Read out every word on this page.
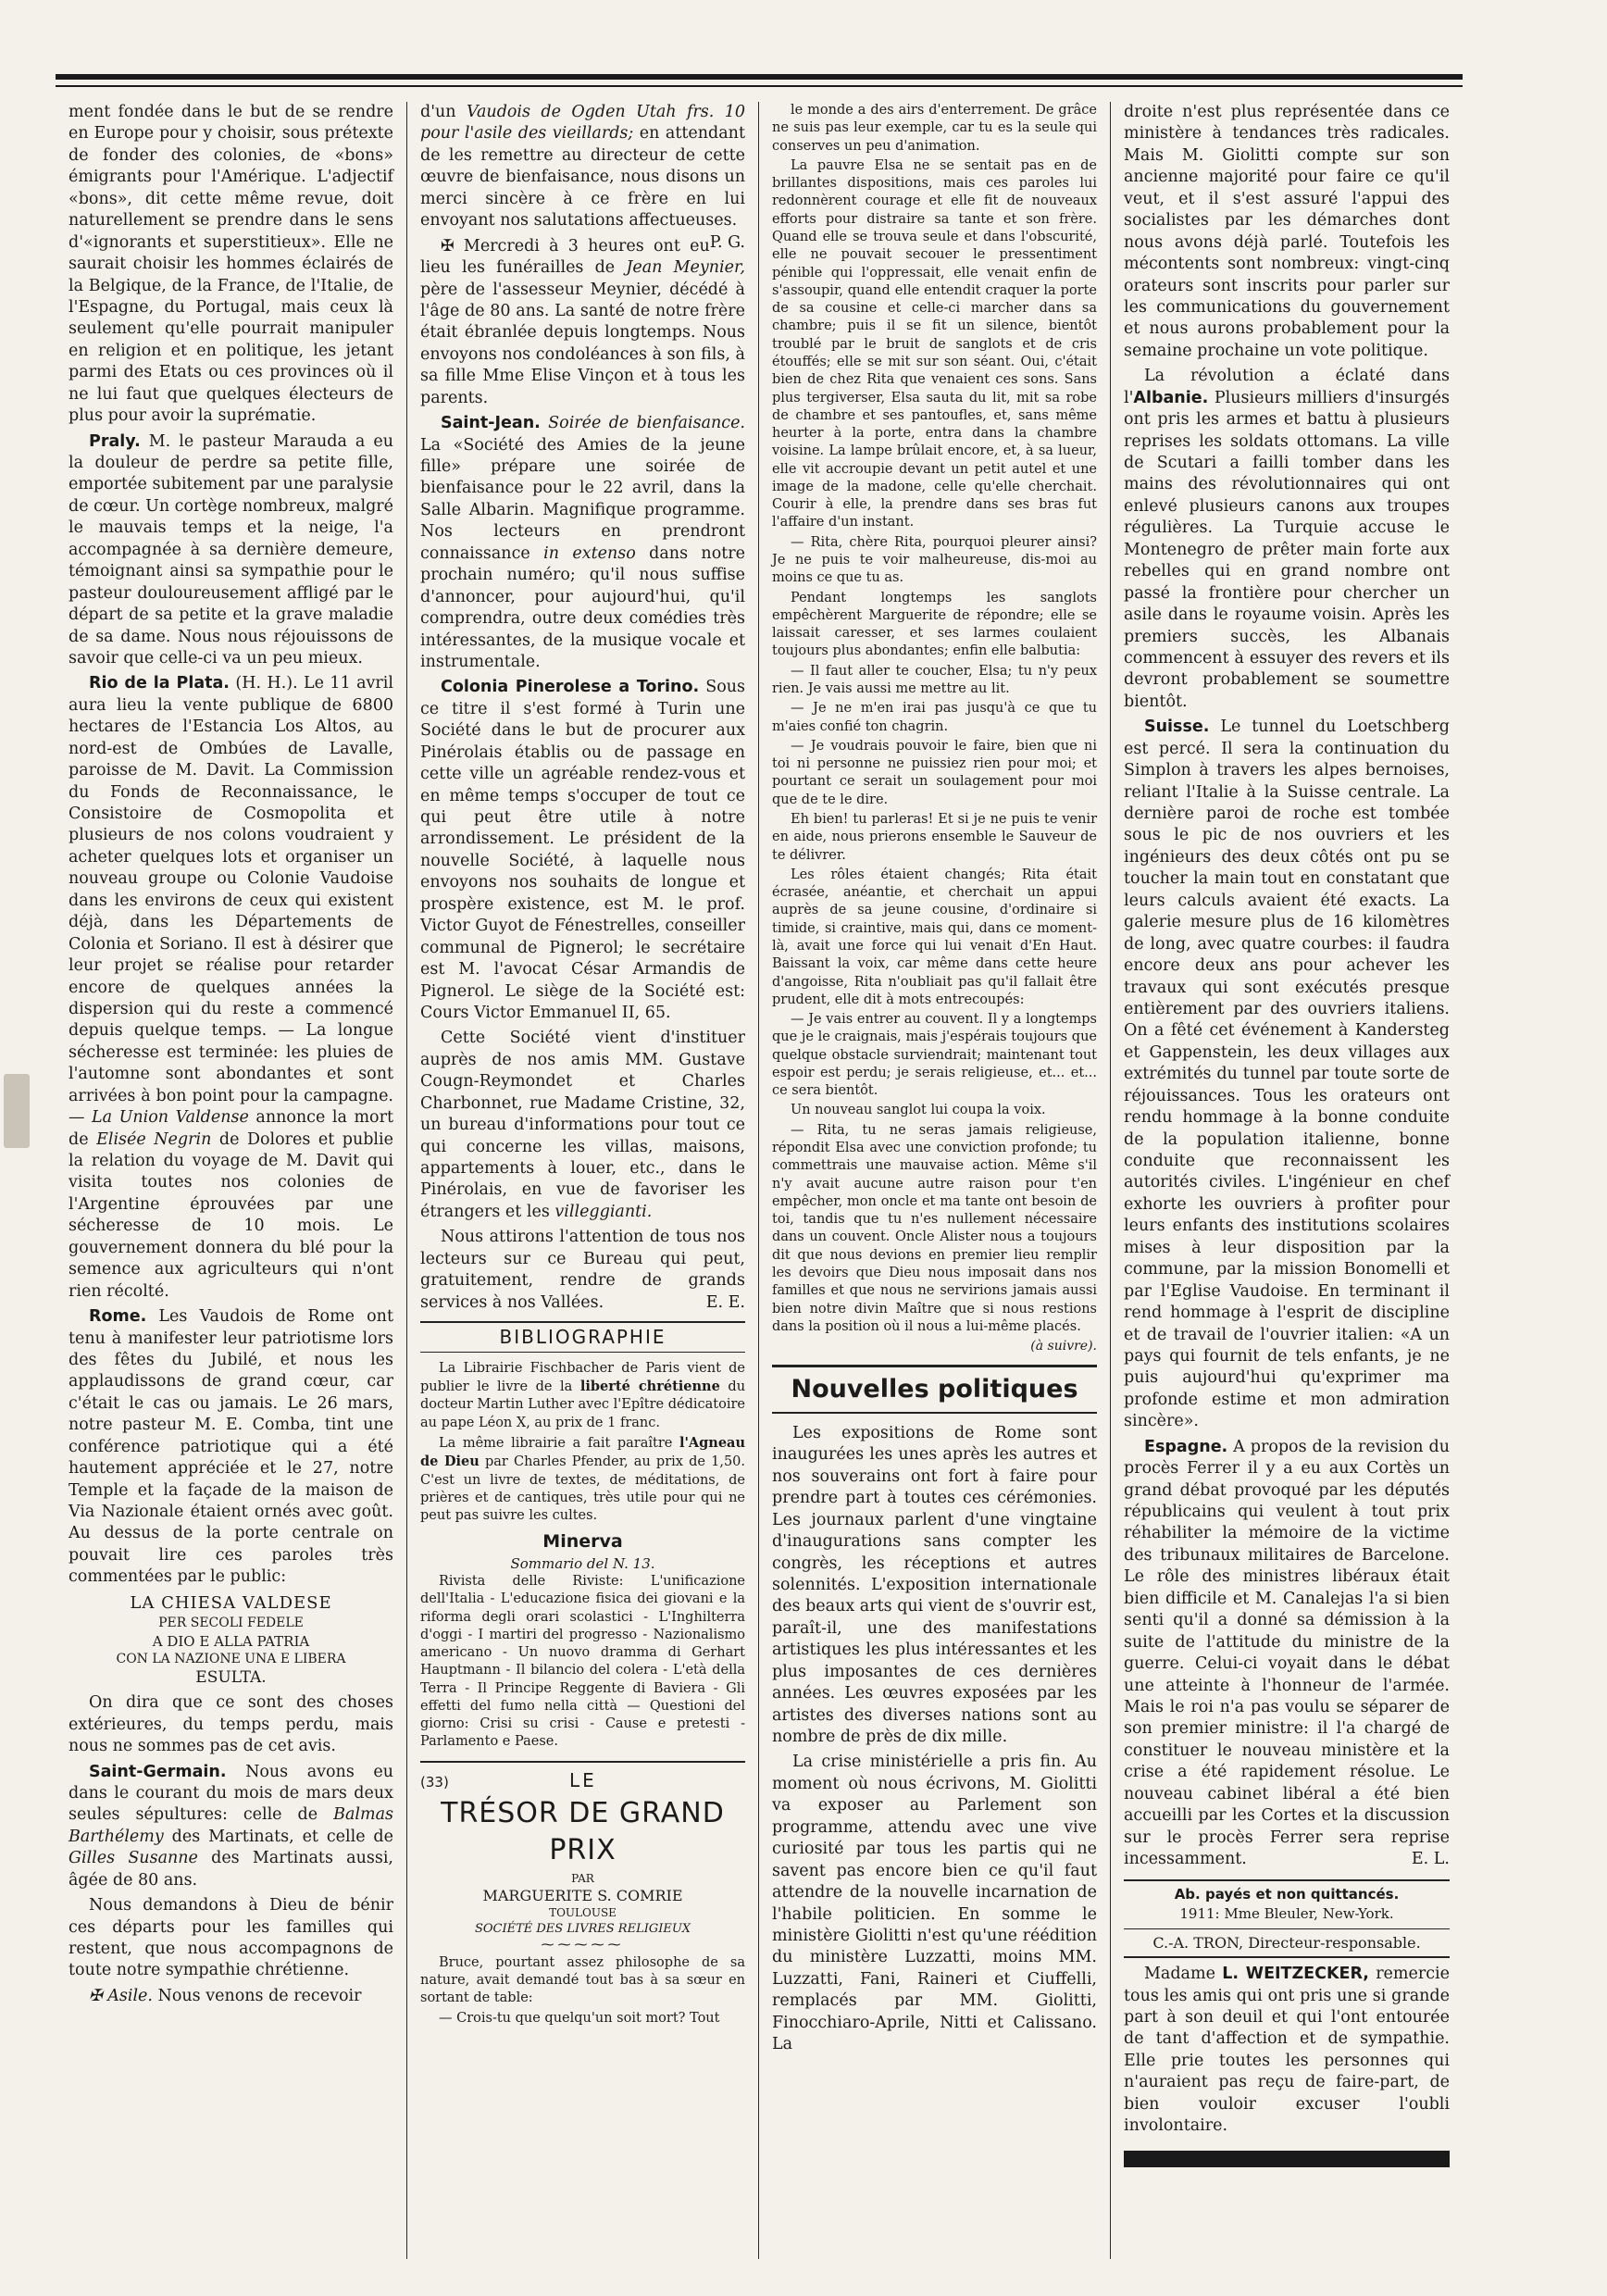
ment fondée dans le but de se rendre en Europe pour y choisir, sous prétexte de fonder des colonies, de «bons» émigrants pour l'Amérique. L'adjectif «bons», dit cette même revue, doit naturellement se prendre dans le sens d'«ignorants et superstitieux». Elle ne saurait choisir les hommes éclairés de la Belgique, de la France, de l'Italie, de l'Espagne, du Portugal, mais ceux là seulement qu'elle pourrait manipuler en religion et en politique, les jetant parmi des Etats ou ces provinces où il ne lui faut que quelques électeurs de plus pour avoir la suprématie.

Praly. M. le pasteur Marauda a eu la douleur de perdre sa petite fille, emportée subitement par une paralysie de cœur. Un cortège nombreux, malgré le mauvais temps et la neige, l'a accompagnée à sa dernière demeure, témoignant ainsi sa sympathie pour le pasteur douloureusement affligé par le départ de sa petite et la grave maladie de sa dame. Nous nous réjouissons de savoir que celle-ci va un peu mieux.

Rio de la Plata. (H. H.). Le 11 avril aura lieu la vente publique de 6800 hectares de l'Estancia Los Altos, au nord-est de Ombúes de Lavalle, paroisse de M. Davit. La Commission du Fonds de Reconnaissance, le Consistoire de Cosmopolita et plusieurs de nos colons voudraient y acheter quelques lots et organiser un nouveau groupe ou Colonie Vaudoise dans les environs de ceux qui existent déjà, dans les Départements de Colonia et Soriano. Il est à désirer que leur projet se réalise pour retarder encore de quelques années la dispersion qui du reste a commencé depuis quelque temps. — La longue sécheresse est terminée: les pluies de l'automne sont abondantes et sont arrivées à bon point pour la campagne. — La Union Valdense annonce la mort de Elisée Negrin de Dolores et publie la relation du voyage de M. Davit qui visita toutes nos colonies de l'Argentine éprouvées par une sécheresse de 10 mois. Le gouvernement donnera du blé pour la semence aux agriculteurs qui n'ont rien récolté.

Rome. Les Vaudois de Rome ont tenu à manifester leur patriotisme lors des fêtes du Jubilé, et nous les applaudissons de grand cœur, car c'était le cas ou jamais. Le 26 mars, notre pasteur M. E. Comba, tint une conférence patriotique qui a été hautement appréciée et le 27, notre Temple et la façade de la maison de Via Nazionale étaient ornés avec goût. Au dessus de la porte centrale on pouvait lire ces paroles très commentées par le public:

LA CHIESA VALDESE
PER SECOLI FEDELE
A DIO E ALLA PATRIA
CON LA NAZIONE UNA E LIBERA
ESULTA.

On dira que ce sont des choses extérieures, du temps perdu, mais nous ne sommes pas de cet avis.

Saint-Germain. Nous avons eu dans le courant du mois de mars deux seules sépultures: celle de Balmas Barthélemy des Martinats, et celle de Gilles Susanne des Martinats aussi, âgée de 80 ans.

Nous demandons à Dieu de bénir ces départs pour les familles qui restent, que nous accompagnons de toute notre sympathie chrétienne.

✠ Asile. Nous venons de recevoir

d'un Vaudois de Ogden Utah frs. 10 pour l'asile des vieillards; en attendant de les remettre au directeur de cette œuvre de bienfaisance, nous disons un merci sincère à ce frère en lui envoyant nos salutations affectueuses.
P. G.

✠ Mercredi à 3 heures ont eu lieu les funérailles de Jean Meynier, père de l'assesseur Meynier, décédé à l'âge de 80 ans. La santé de notre frère était ébranlée depuis longtemps. Nous envoyons nos condoléances à son fils, à sa fille Mme Elise Vinçon et à tous les parents.

Saint-Jean. Soirée de bienfaisance. La «Société des Amies de la jeune fille» prépare une soirée de bienfaisance pour le 22 avril, dans la Salle Albarin. Magnifique programme. Nos lecteurs en prendront connaissance in extenso dans notre prochain numéro; qu'il nous suffise d'annoncer, pour aujourd'hui, qu'il comprendra, outre deux comédies très intéressantes, de la musique vocale et instrumentale.

Colonia Pinerolese a Torino. Sous ce titre il s'est formé à Turin une Société dans le but de procurer aux Pinérolais établis ou de passage en cette ville un agréable rendez-vous et en même temps s'occuper de tout ce qui peut être utile à notre arrondissement. Le président de la nouvelle Société, à laquelle nous envoyons nos souhaits de longue et prospère existence, est M. le prof. Victor Guyot de Fénestrelles, conseiller communal de Pignerol; le secrétaire est M. l'avocat César Armandis de Pignerol. Le siège de la Société est: Cours Victor Emmanuel II, 65.

Cette Société vient d'instituer auprès de nos amis MM. Gustave Cougn-Reymondet et Charles Charbonnet, rue Madame Cristine, 32, un bureau d'informations pour tout ce qui concerne les villas, maisons, appartements à louer, etc., dans le Pinérolais, en vue de favoriser les étrangers et les villeggianti.

Nous attirons l'attention de tous nos lecteurs sur ce Bureau qui peut, gratuitement, rendre de grands services à nos Vallées.	E. E.

BIBLIOGRAPHIE

La Librairie Fischbacher de Paris vient de publier le livre de la liberté chrétienne du docteur Martin Luther avec l'Epître dédicatoire au pape Léon X, au prix de 1 franc.

La même librairie a fait paraître l'Agneau de Dieu par Charles Pfender, au prix de 1,50. C'est un livre de textes, de méditations, de prières et de cantiques, très utile pour qui ne peut pas suivre les cultes.

Minerva
Sommario del N. 13.

Rivista delle Riviste: L'unificazione dell'Italia - L'educazione fisica dei giovani e la riforma degli orari scolastici - L'Inghilterra d'oggi - I martiri del progresso - Nazionalismo americano - Un nuovo dramma di Gerhart Hauptmann - Il bilancio del colera - L'età della Terra - Il Principe Reggente di Baviera - Gli effetti del fumo nella città — Questioni del giorno: Crisi su crisi - Cause e pretesti - Parlamento e Paese.

(33)	LE
TRÉSOR DE GRAND PRIX
PAR
MARGUERITE S. COMRIE
TOULOUSE
SOCIÉTÉ DES LIVRES RELIGIEUX
⁓⁓⁓⁓⁓

Bruce, pourtant assez philosophe de sa nature, avait demandé tout bas à sa sœur en sortant de table:

— Crois-tu que quelqu'un soit mort? Tout

le monde a des airs d'enterrement. De grâce ne suis pas leur exemple, car tu es la seule qui conserves un peu d'animation.

La pauvre Elsa ne se sentait pas en de brillantes dispositions, mais ces paroles lui redonnèrent courage et elle fit de nouveaux efforts pour distraire sa tante et son frère. Quand elle se trouva seule et dans l'obscurité, elle ne pouvait secouer le pressentiment pénible qui l'oppressait, elle venait enfin de s'assoupir, quand elle entendit craquer la porte de sa cousine et celle-ci marcher dans sa chambre; puis il se fit un silence, bientôt troublé par le bruit de sanglots et de cris étouffés; elle se mit sur son séant. Oui, c'était bien de chez Rita que venaient ces sons. Sans plus tergiverser, Elsa sauta du lit, mit sa robe de chambre et ses pantoufles, et, sans même heurter à la porte, entra dans la chambre voisine. La lampe brûlait encore, et, à sa lueur, elle vit accroupie devant un petit autel et une image de la madone, celle qu'elle cherchait. Courir à elle, la prendre dans ses bras fut l'affaire d'un instant.

— Rita, chère Rita, pourquoi pleurer ainsi? Je ne puis te voir malheureuse, dis-moi au moins ce que tu as.

Pendant longtemps les sanglots empêchèrent Marguerite de répondre; elle se laissait caresser, et ses larmes coulaient toujours plus abondantes; enfin elle balbutia:

— Il faut aller te coucher, Elsa; tu n'y peux rien. Je vais aussi me mettre au lit.

— Je ne m'en irai pas jusqu'à ce que tu m'aies confié ton chagrin.

— Je voudrais pouvoir le faire, bien que ni toi ni personne ne puissiez rien pour moi; et pourtant ce serait un soulagement pour moi que de te le dire.

Eh bien! tu parleras! Et si je ne puis te venir en aide, nous prierons ensemble le Sauveur de te délivrer.

Les rôles étaient changés; Rita était écrasée, anéantie, et cherchait un appui auprès de sa jeune cousine, d'ordinaire si timide, si craintive, mais qui, dans ce moment-là, avait une force qui lui venait d'En Haut. Baissant la voix, car même dans cette heure d'angoisse, Rita n'oubliait pas qu'il fallait être prudent, elle dit à mots entrecoupés:

— Je vais entrer au couvent. Il y a longtemps que je le craignais, mais j'espérais toujours que quelque obstacle surviendrait; maintenant tout espoir est perdu; je serais religieuse, et... et... ce sera bientôt.

Un nouveau sanglot lui coupa la voix.

— Rita, tu ne seras jamais religieuse, répondit Elsa avec une conviction profonde; tu commettrais une mauvaise action. Même s'il n'y avait aucune autre raison pour t'en empêcher, mon oncle et ma tante ont besoin de toi, tandis que tu n'es nullement nécessaire dans un couvent. Oncle Alister nous a toujours dit que nous devions en premier lieu remplir les devoirs que Dieu nous imposait dans nos familles et que nous ne servirions jamais aussi bien notre divin Maître que si nous restions dans la position où il nous a lui-même placés.

(à suivre).
Nouvelles politiques

Les expositions de Rome sont inaugurées les unes après les autres et nos souverains ont fort à faire pour prendre part à toutes ces cérémonies. Les journaux parlent d'une vingtaine d'inaugurations sans compter les congrès, les réceptions et autres solennités. L'exposition internationale des beaux arts qui vient de s'ouvrir est, paraît-il, une des manifestations artistiques les plus intéressantes et les plus imposantes de ces dernières années. Les œuvres exposées par les artistes des diverses nations sont au nombre de près de dix mille.

La crise ministérielle a pris fin. Au moment où nous écrivons, M. Giolitti va exposer au Parlement son programme, attendu avec une vive curiosité par tous les partis qui ne savent pas encore bien ce qu'il faut attendre de la nouvelle incarnation de l'habile politicien. En somme le ministère Giolitti n'est qu'une réédition du ministère Luzzatti, moins MM. Luzzatti, Fani, Raineri et Ciuffelli, remplacés par MM. Giolitti, Finocchiaro-Aprile, Nitti et Calissano. La

droite n'est plus représentée dans ce ministère à tendances très radicales. Mais M. Giolitti compte sur son ancienne majorité pour faire ce qu'il veut, et il s'est assuré l'appui des socialistes par les démarches dont nous avons déjà parlé. Toutefois les mécontents sont nombreux: vingt-cinq orateurs sont inscrits pour parler sur les communications du gouvernement et nous aurons probablement pour la semaine prochaine un vote politique.

La révolution a éclaté dans l'Albanie. Plusieurs milliers d'insurgés ont pris les armes et battu à plusieurs reprises les soldats ottomans. La ville de Scutari a failli tomber dans les mains des révolutionnaires qui ont enlevé plusieurs canons aux troupes régulières. La Turquie accuse le Montenegro de prêter main forte aux rebelles qui en grand nombre ont passé la frontière pour chercher un asile dans le royaume voisin. Après les premiers succès, les Albanais commencent à essuyer des revers et ils devront probablement se soumettre bientôt.

Suisse. Le tunnel du Loetschberg est percé. Il sera la continuation du Simplon à travers les alpes bernoises, reliant l'Italie à la Suisse centrale. La dernière paroi de roche est tombée sous le pic de nos ouvriers et les ingénieurs des deux côtés ont pu se toucher la main tout en constatant que leurs calculs avaient été exacts. La galerie mesure plus de 16 kilomètres de long, avec quatre courbes: il faudra encore deux ans pour achever les travaux qui sont exécutés presque entièrement par des ouvriers italiens. On a fêté cet événement à Kandersteg et Gappenstein, les deux villages aux extrémités du tunnel par toute sorte de réjouissances. Tous les orateurs ont rendu hommage à la bonne conduite de la population italienne, bonne conduite que reconnaissent les autorités civiles. L'ingénieur en chef exhorte les ouvriers à profiter pour leurs enfants des institutions scolaires mises à leur disposition par la commune, par la mission Bonomelli et par l'Eglise Vaudoise. En terminant il rend hommage à l'esprit de discipline et de travail de l'ouvrier italien: «A un pays qui fournit de tels enfants, je ne puis aujourd'hui qu'exprimer ma profonde estime et mon admiration sincère».

Espagne. A propos de la revision du procès Ferrer il y a eu aux Cortès un grand débat provoqué par les députés républicains qui veulent à tout prix réhabiliter la mémoire de la victime des tribunaux militaires de Barcelone. Le rôle des ministres libéraux était bien difficile et M. Canalejas l'a si bien senti qu'il a donné sa démission à la suite de l'attitude du ministre de la guerre. Celui-ci voyait dans le débat une atteinte à l'honneur de l'armée. Mais le roi n'a pas voulu se séparer de son premier ministre: il l'a chargé de constituer le nouveau ministère et la crise a été rapidement résolue. Le nouveau cabinet libéral a été bien accueilli par les Cortes et la discussion sur le procès Ferrer sera reprise incessamment.	E. L.

Ab. payés et non quittancés.
1911: Mme Bleuler, New-York.
C.-A. TRON, Directeur-responsable.

Madame L. WEITZECKER, remercie tous les amis qui ont pris une si grande part à son deuil et qui l'ont entourée de tant d'affection et de sympathie. Elle prie toutes les personnes qui n'auraient pas reçu de faire-part, de bien vouloir excuser l'oubli involontaire.
